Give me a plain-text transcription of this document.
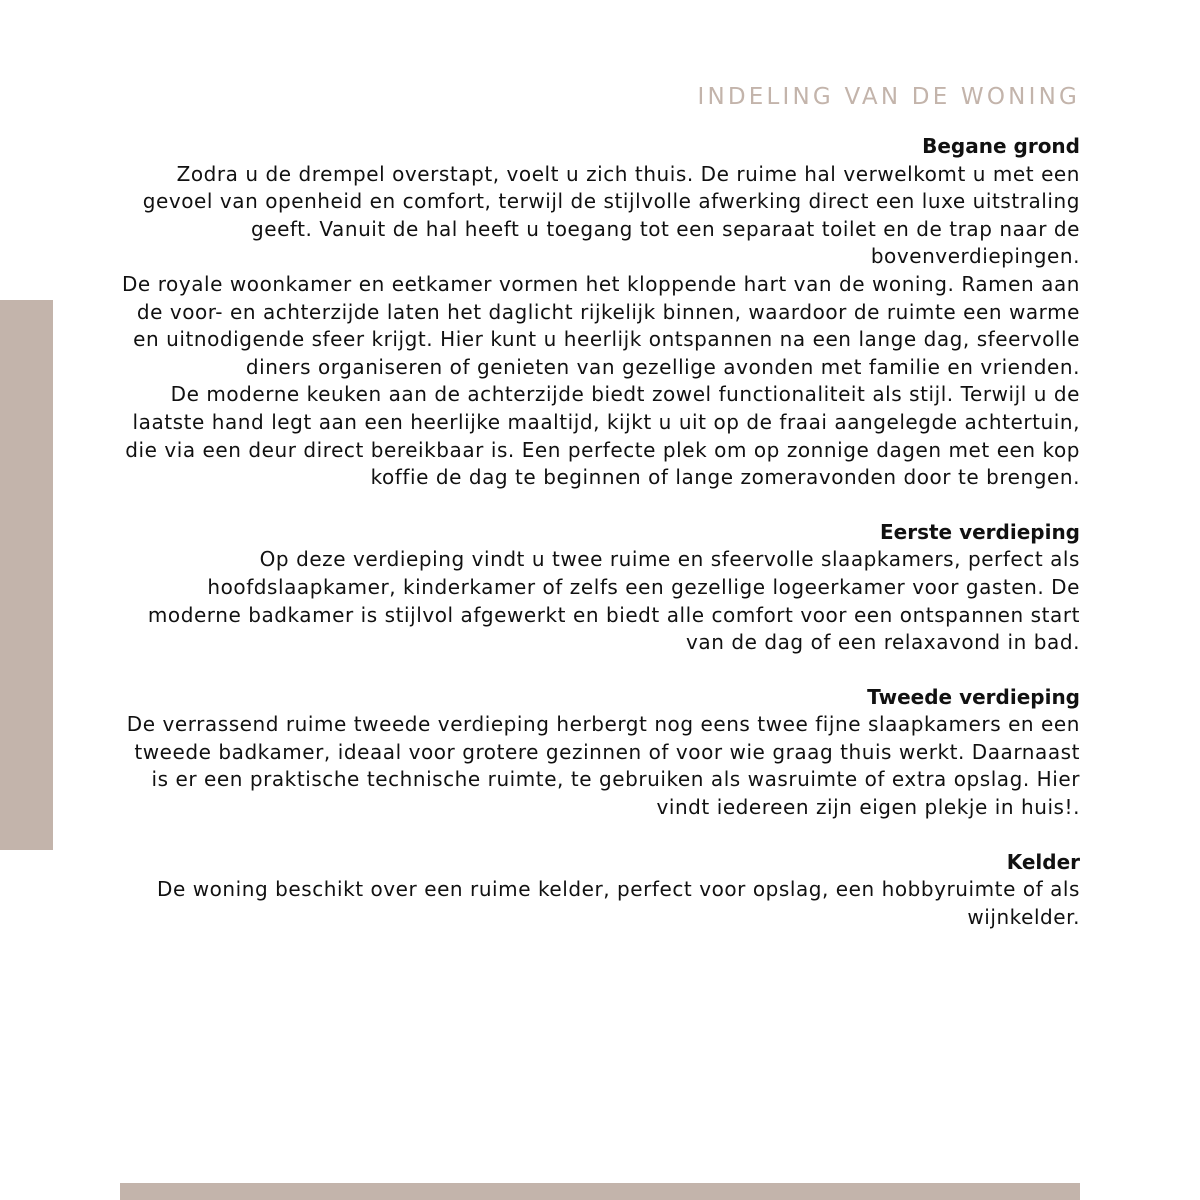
INDELING VAN DE WONING
Begane grond

Zodra u de drempel overstapt, voelt u zich thuis. De ruime hal verwelkomt u met een gevoel van openheid en comfort, terwijl de stijlvolle afwerking direct een luxe uitstraling geeft. Vanuit de hal heeft u toegang tot een separaat toilet en de trap naar de bovenverdiepingen.

De royale woonkamer en eetkamer vormen het kloppende hart van de woning. Ramen aan de voor- en achterzijde laten het daglicht rijkelijk binnen, waardoor de ruimte een warme en uitnodigende sfeer krijgt. Hier kunt u heerlijk ontspannen na een lange dag, sfeervolle diners organiseren of genieten van gezellige avonden met familie en vrienden.

De moderne keuken aan de achterzijde biedt zowel functionaliteit als stijl. Terwijl u de laatste hand legt aan een heerlijke maaltijd, kijkt u uit op de fraai aangelegde achtertuin, die via een deur direct bereikbaar is. Een perfecte plek om op zonnige dagen met een kop koffie de dag te beginnen of lange zomeravonden door te brengen.

Eerste verdieping

Op deze verdieping vindt u twee ruime en sfeervolle slaapkamers, perfect als hoofdslaapkamer, kinderkamer of zelfs een gezellige logeerkamer voor gasten. De moderne badkamer is stijlvol afgewerkt en biedt alle comfort voor een ontspannen start van de dag of een relaxavond in bad.

Tweede verdieping

De verrassend ruime tweede verdieping herbergt nog eens twee fijne slaapkamers en een tweede badkamer, ideaal voor grotere gezinnen of voor wie graag thuis werkt. Daarnaast is er een praktische technische ruimte, te gebruiken als wasruimte of extra opslag. Hier vindt iedereen zijn eigen plekje in huis!.

Kelder

De woning beschikt over een ruime kelder, perfect voor opslag, een hobbyruimte of als wijnkelder.
